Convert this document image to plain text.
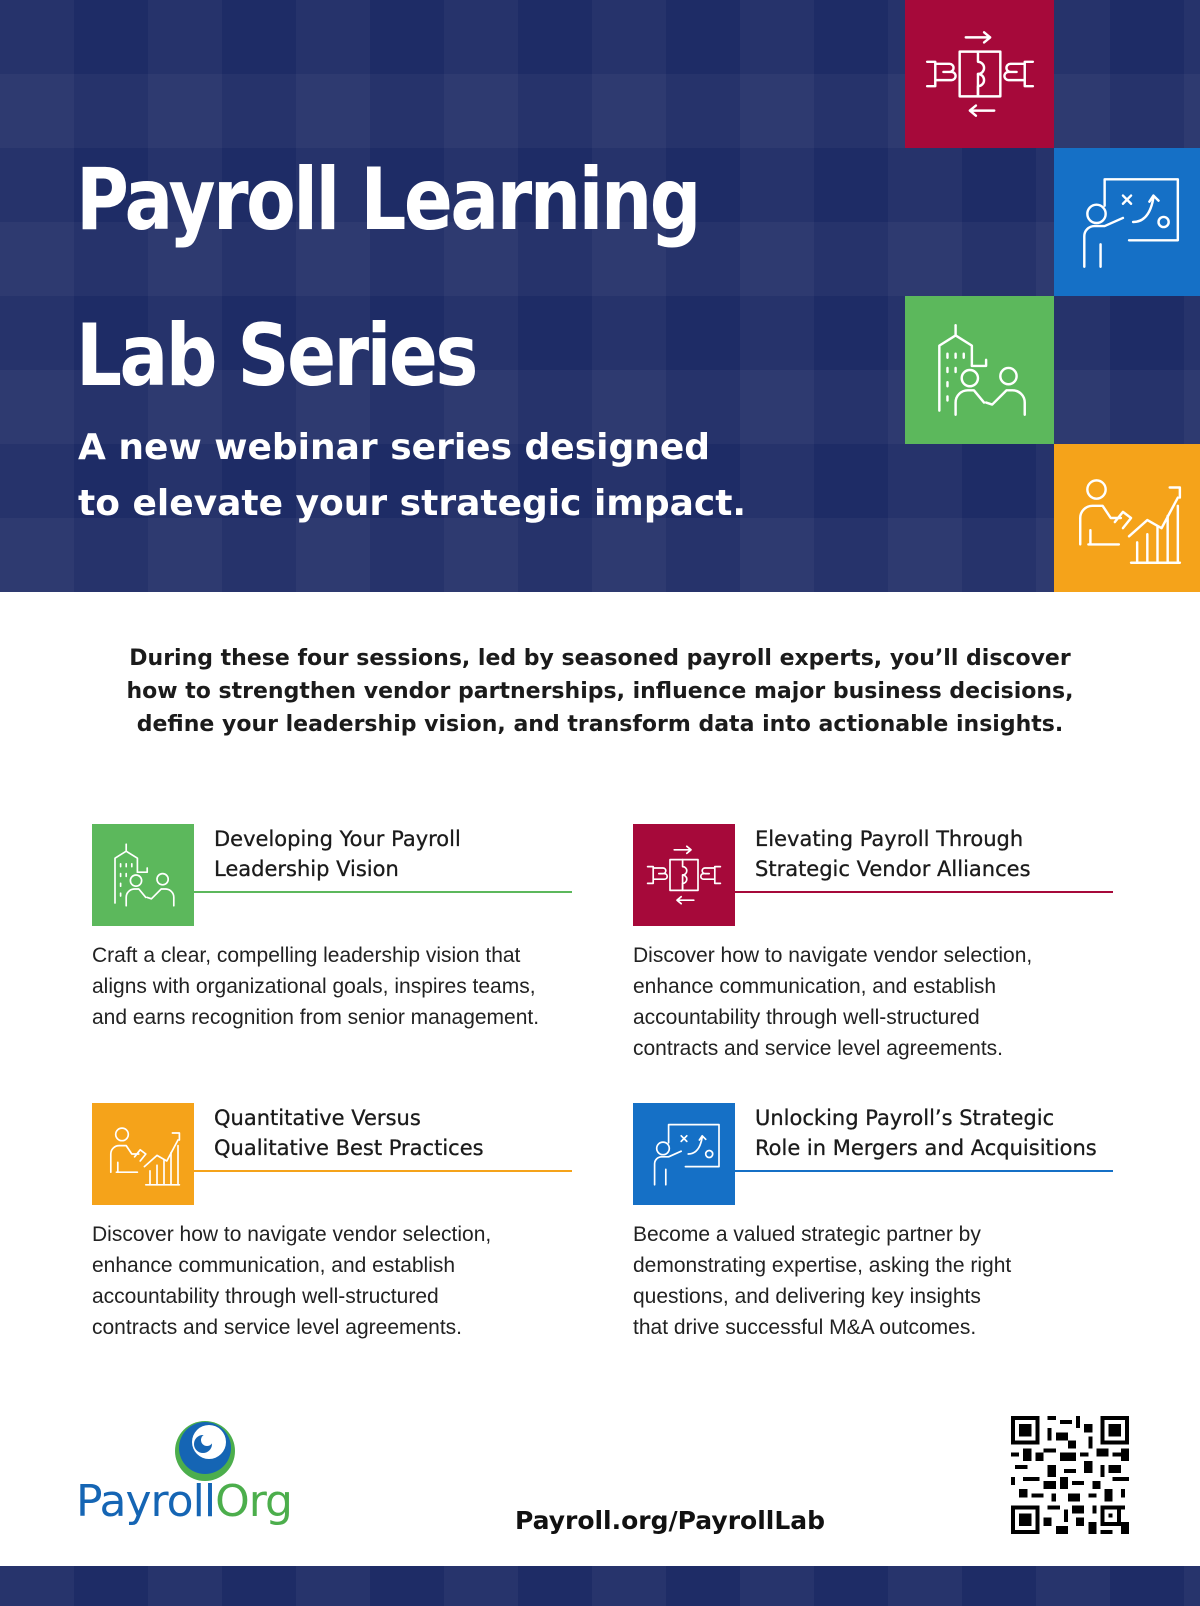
Payroll Learning
Lab Series
A new webinar series designed
to elevate your strategic impact.
During these four sessions, led by seasoned payroll experts, you’ll discover
how to strengthen vendor partnerships, influence major business decisions,
define your leadership vision, and transform data into actionable insights.
Developing Your Payroll
Leadership Vision
Craft a clear, compelling leadership vision that
aligns with organizational goals, inspires teams,
and earns recognition from senior management.
Elevating Payroll Through
Strategic Vendor Alliances
Discover how to navigate vendor selection,
enhance communication, and establish
accountability through well-structured
contracts and service level agreements.
Quantitative Versus
Qualitative Best Practices
Discover how to navigate vendor selection,
enhance communication, and establish
accountability through well-structured
contracts and service level agreements.
Unlocking Payroll’s Strategic
Role in Mergers and Acquisitions
Become a valued strategic partner by
demonstrating expertise, asking the right
questions, and delivering key insights
that drive successful M&A outcomes.
PayrollOrg	Payroll.org/PayrollLab
